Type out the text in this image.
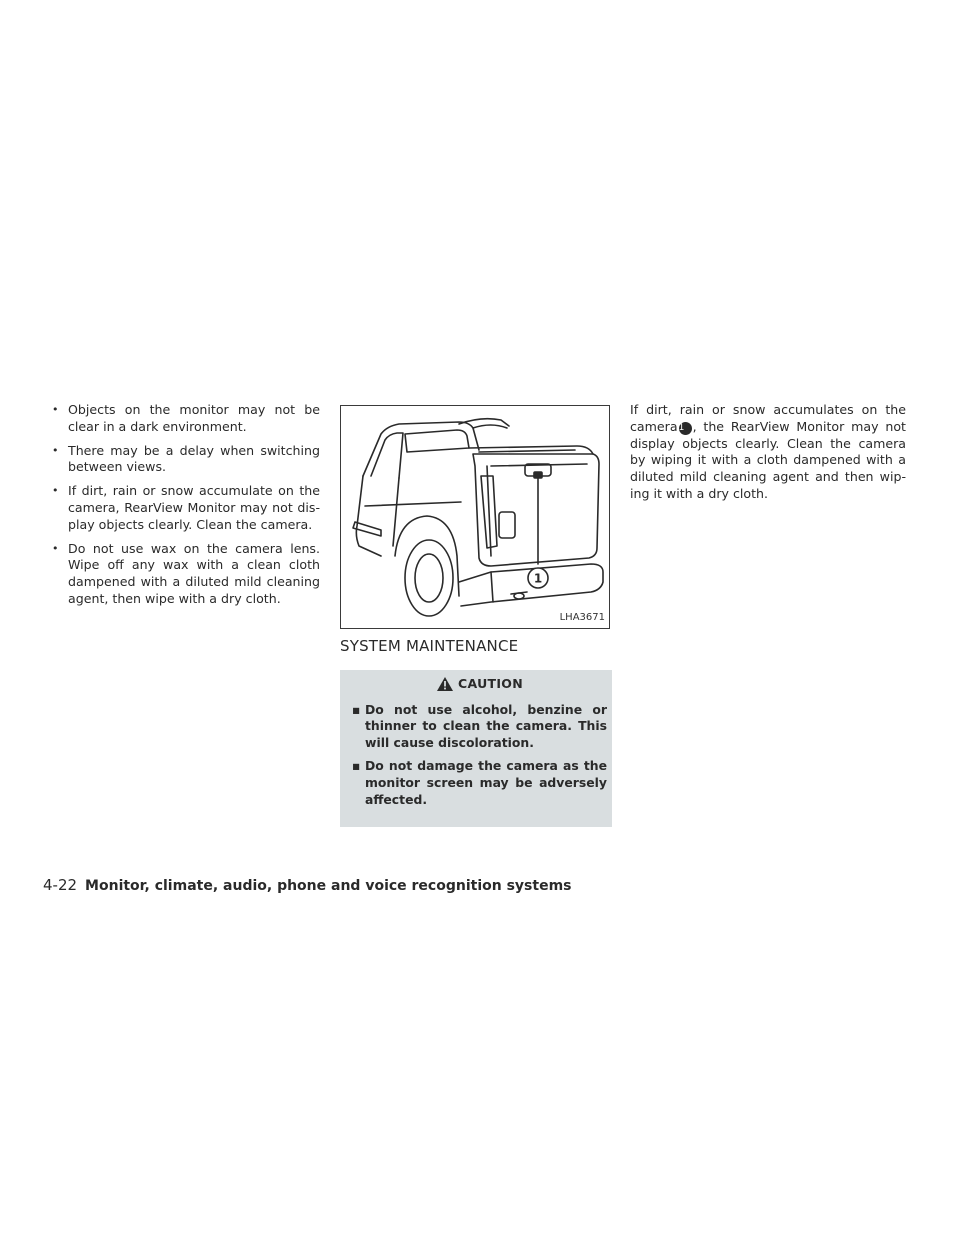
• Objects on the monitor may not be clear in a dark environment.
• There may be a delay when switching between views.
• If dirt, rain or snow accumulate on the camera, RearView Monitor may not dis-play objects clearly. Clean the camera.
• Do not use wax on the camera lens. Wipe off any wax with a clean cloth dampened with a diluted mild cleaning agent, then wipe with a dry cloth.
1
LHA3671
SYSTEM MAINTENANCE
CAUTION
▪ Do not use alcohol, benzine or thinner to clean the camera. This will cause discoloration.
▪ Do not damage the camera as the monitor screen may be adversely affected.

If dirt, rain or snow accumulates on the camera1 , the RearView Monitor may not display objects clearly. Clean the camera by wiping it with a cloth dampened with a diluted mild cleaning agent and then wip-ing it with a dry cloth.

4-22 Monitor, climate, audio, phone and voice recognition systems
